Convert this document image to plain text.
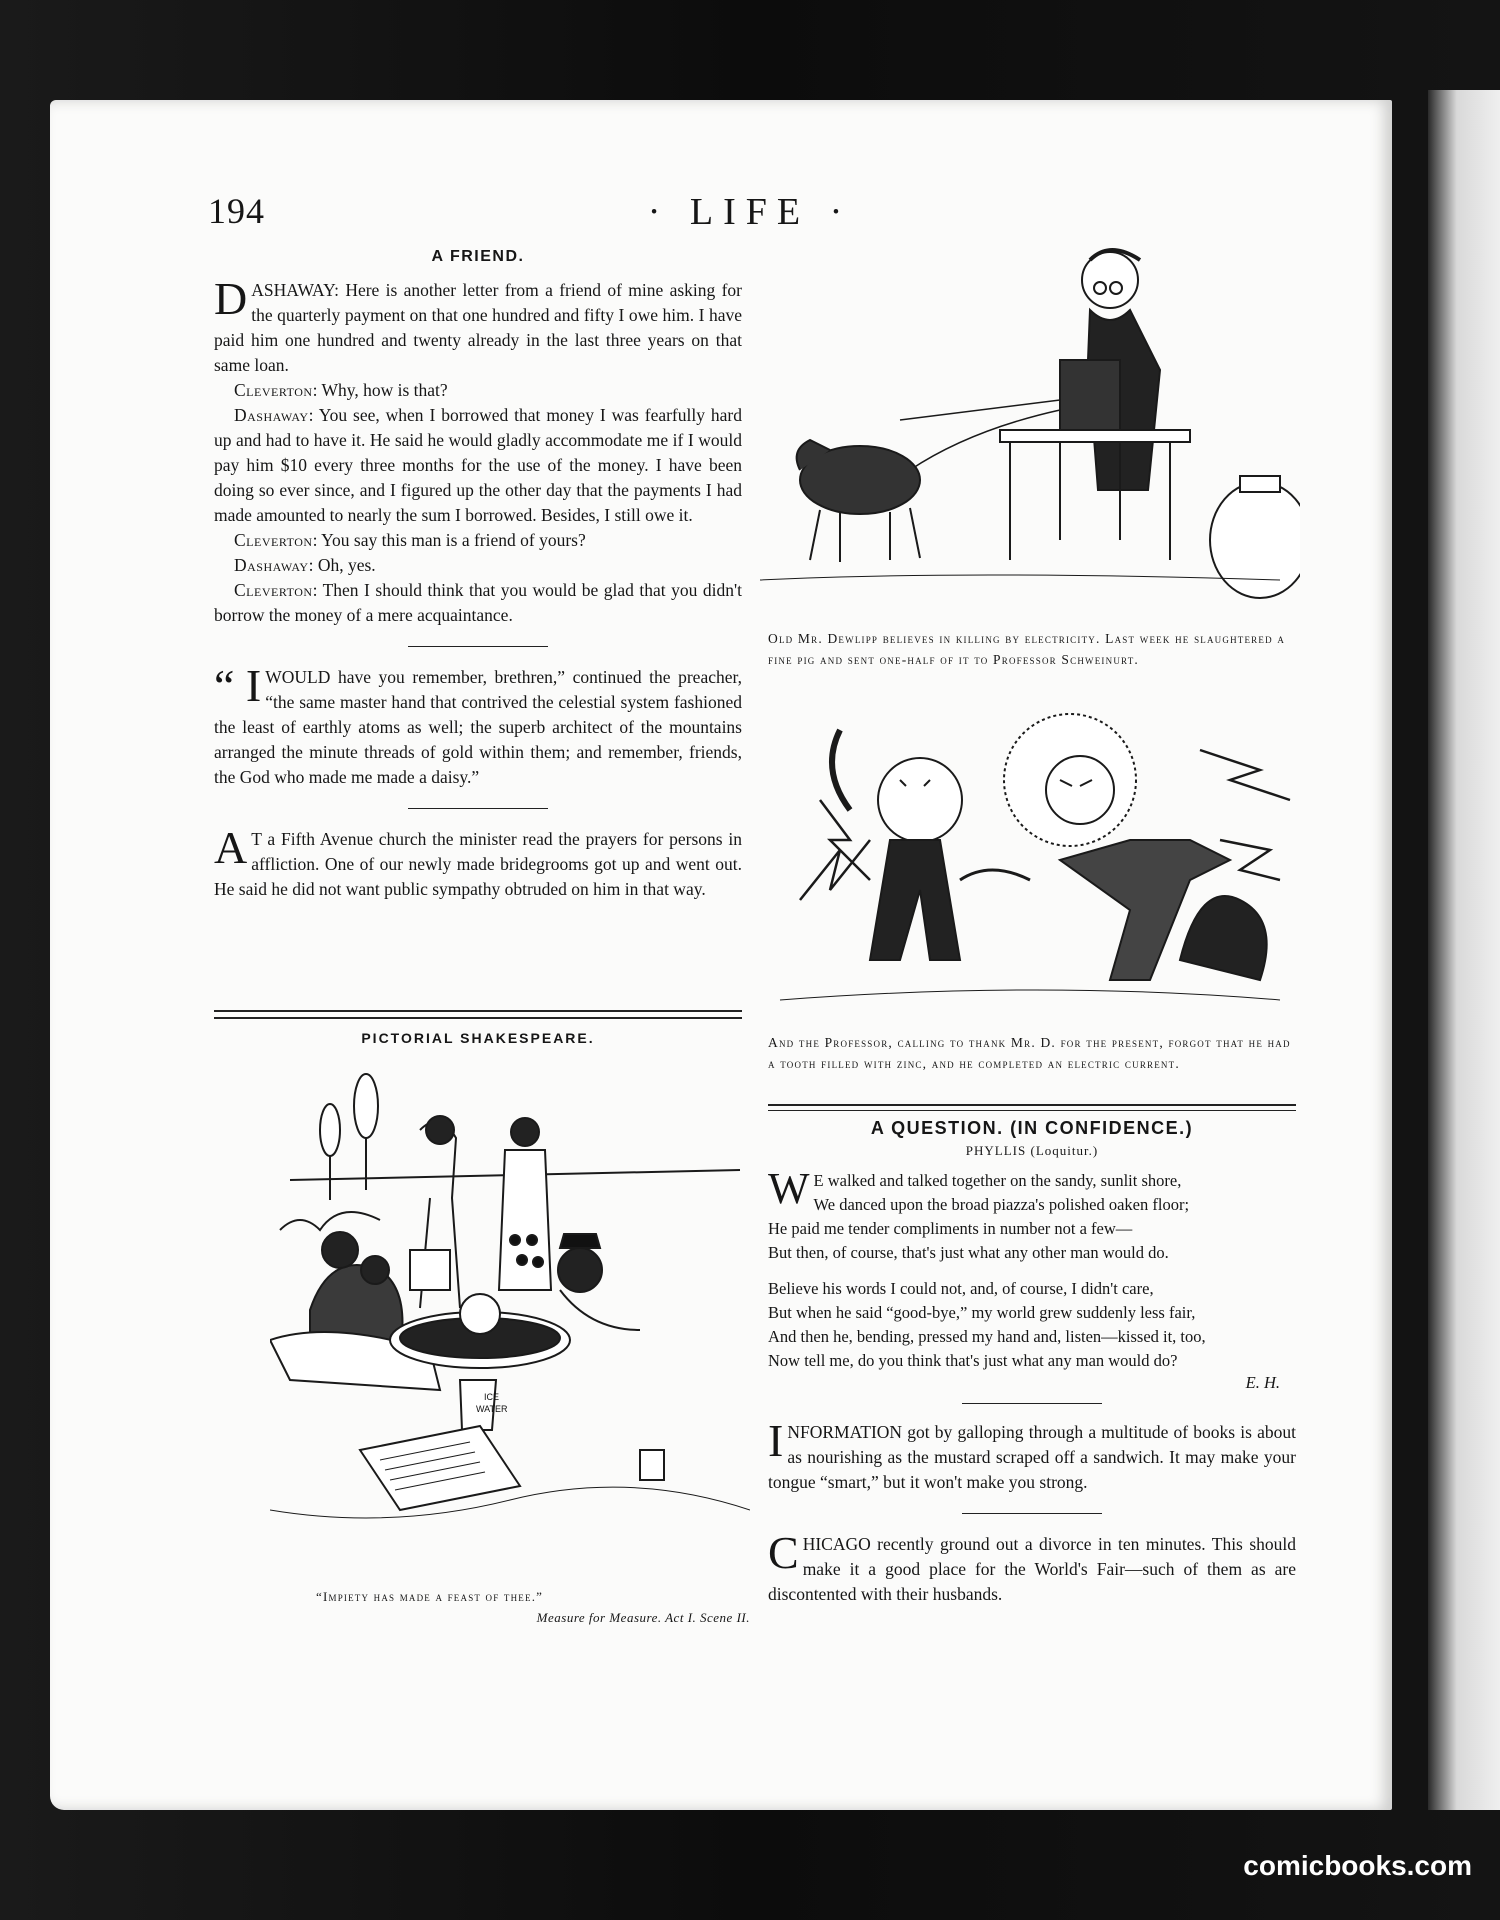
194	· LIFE ·
A FRIEND.

DASHAWAY: Here is another letter from a friend of mine asking for the quarterly payment on that one hundred and fifty I owe him. I have paid him one hundred and twenty already in the last three years on that same loan.

Cleverton: Why, how is that?

Dashaway: You see, when I borrowed that money I was fearfully hard up and had to have it. He said he would gladly accommodate me if I would pay him $10 every three months for the use of the money. I have been doing so ever since, and I figured up the other day that the payments I had made amounted to nearly the sum I borrowed. Besides, I still owe it.

Cleverton: You say this man is a friend of yours?

Dashaway: Oh, yes.

Cleverton: Then I should think that you would be glad that you didn't borrow the money of a mere acquaintance.

“ I WOULD have you remember, brethren,” continued the preacher, “the same master hand that contrived the celestial system fashioned the least of earthly atoms as well; the superb architect of the mountains arranged the minute threads of gold within them; and remember, friends, the God who made me made a daisy.”

A T a Fifth Avenue church the minister read the prayers for persons in affliction. One of our newly made bridegrooms got up and went out. He said he did not want public sympathy obtruded on him in that way.

PICTORIAL SHAKESPEARE.
ICE
WATER
“Impiety has made a feast of thee.”
Measure for Measure. Act I. Scene II.
Old Mr. Dewlipp believes in killing by electricity. Last week he slaughtered a fine pig and sent one-half of it to Professor Schweinurt.
And the Professor, calling to thank Mr. D. for the present, forgot that he had a tooth filled with zinc, and he completed an electric current.
A QUESTION. (IN CONFIDENCE.)
PHYLLIS (Loquitur.)
W E walked and talked together on the sandy, sunlit shore,
We danced upon the broad piazza's polished oaken floor;
He paid me tender compliments in number not a few—
But then, of course, that's just what any other man would do.
Believe his words I could not, and, of course, I didn't care,
But when he said “good-bye,” my world grew suddenly less fair,
And then he, bending, pressed my hand and, listen—kissed it, too,
Now tell me, do you think that's just what any man would do?
E. H.

INFORMATION got by galloping through a multitude of books is about as nourishing as the mustard scraped off a sandwich. It may make your tongue “smart,” but it won't make you strong.

CHICAGO recently ground out a divorce in ten minutes. This should make it a good place for the World's Fair—such of them as are discontented with their husbands.

comicbooks.com
